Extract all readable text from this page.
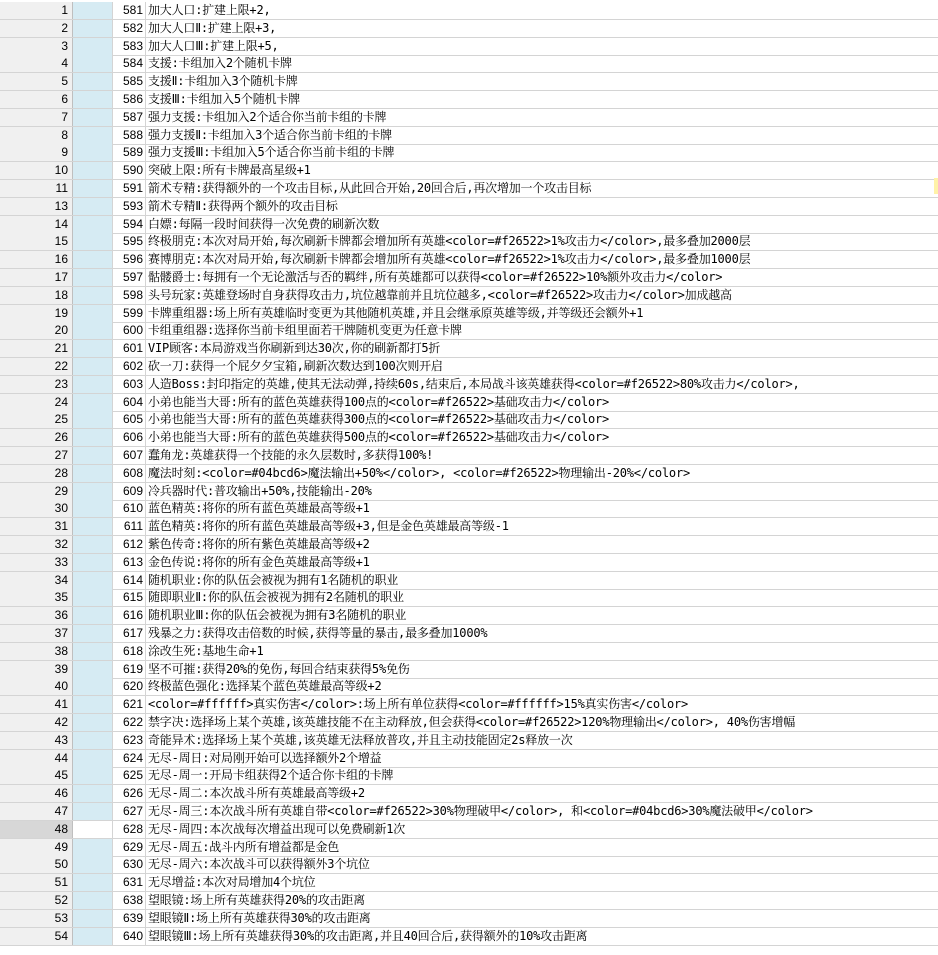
1	581 加大人口:扩建上限+2,
2	582 加大人口Ⅱ:扩建上限+3,
3	583 加大人口Ⅲ:扩建上限+5,
4	584 支援:卡组加入2个随机卡牌
5	585 支援Ⅱ:卡组加入3个随机卡牌
6	586 支援Ⅲ:卡组加入5个随机卡牌
7	587 强力支援:卡组加入2个适合你当前卡组的卡牌
8	588 强力支援Ⅱ:卡组加入3个适合你当前卡组的卡牌
9	589 强力支援Ⅲ:卡组加入5个适合你当前卡组的卡牌
10	590 突破上限:所有卡牌最高星级+1
11	591 箭术专精:获得额外的一个攻击目标,从此回合开始,20回合后,再次增加一个攻击目标
13	593 箭术专精Ⅱ:获得两个额外的攻击目标
14	594 白嫖:每隔一段时间获得一次免费的刷新次数
15	595 终极朋克:本次对局开始,每次刷新卡牌都会增加所有英雄<color=#f26522>1%攻击力</color>,最多叠加2000层
16	596 赛博朋克:本次对局开始,每次刷新卡牌都会增加所有英雄<color=#f26522>1%攻击力</color>,最多叠加1000层
17	597 骷髅爵士:每拥有一个无论激活与否的羁绊,所有英雄都可以获得<color=#f26522>10%额外攻击力</color>
18	598 头号玩家:英雄登场时自身获得攻击力,坑位越靠前并且坑位越多,<color=#f26522>攻击力</color>加成越高
19	599 卡牌重组器:场上所有英雄临时变更为其他随机英雄,并且会继承原英雄等级,并等级还会额外+1
20	600 卡组重组器:选择你当前卡组里面若干牌随机变更为任意卡牌
21	601 VIP顾客:本局游戏当你刷新到达30次,你的刷新都打5折
22	602 砍一刀:获得一个屁夕夕宝箱,刷新次数达到100次则开启
23	603 人造Boss:封印指定的英雄,使其无法动弹,持续60s,结束后,本局战斗该英雄获得<color=#f26522>80%攻击力</color>,
24	604 小弟也能当大哥:所有的蓝色英雄获得100点的<color=#f26522>基础攻击力</color>
25	605 小弟也能当大哥:所有的蓝色英雄获得300点的<color=#f26522>基础攻击力</color>
26	606 小弟也能当大哥:所有的蓝色英雄获得500点的<color=#f26522>基础攻击力</color>
27	607 蠢角龙:英雄获得一个技能的永久层数时,多获得100%!
28	608 魔法时刻:<color=#04bcd6>魔法输出+50%</color>, <color=#f26522>物理输出-20%</color>
29	609 冷兵器时代:普攻输出+50%,技能输出-20%
30	610 蓝色精英:将你的所有蓝色英雄最高等级+1
31	611 蓝色精英:将你的所有蓝色英雄最高等级+3,但是金色英雄最高等级-1
32	612 紫色传奇:将你的所有紫色英雄最高等级+2
33	613 金色传说:将你的所有金色英雄最高等级+1
34	614 随机职业:你的队伍会被视为拥有1名随机的职业
35	615 随即职业Ⅱ:你的队伍会被视为拥有2名随机的职业
36	616 随机职业Ⅲ:你的队伍会被视为拥有3名随机的职业
37	617 残暴之力:获得攻击倍数的时候,获得等量的暴击,最多叠加1000%
38	618 涂改生死:基地生命+1
39	619 坚不可摧:获得20%的免伤,每回合结束获得5%免伤
40	620 终极蓝色强化:选择某个蓝色英雄最高等级+2
41	621 <color=#ffffff>真实伤害</color>:场上所有单位获得<color=#ffffff>15%真实伤害</color>
42	622 禁字决:选择场上某个英雄,该英雄技能不在主动释放,但会获得<color=#f26522>120%物理输出</color>, 40%伤害增幅
43	623 奇能异术:选择场上某个英雄,该英雄无法释放普攻,并且主动技能固定2s释放一次
44	624 无尽-周日:对局刚开始可以选择额外2个增益
45	625 无尽-周一:开局卡组获得2个适合你卡组的卡牌
46	626 无尽-周二:本次战斗所有英雄最高等级+2
47	627 无尽-周三:本次战斗所有英雄自带<color=#f26522>30%物理破甲</color>, 和<color=#04bcd6>30%魔法破甲</color>
48	628 无尽-周四:本次战每次增益出现可以免费刷新1次
49	629 无尽-周五:战斗内所有增益都是金色
50	630 无尽-周六:本次战斗可以获得额外3个坑位
51	631 无尽增益:本次对局增加4个坑位
52	638 望眼镜:场上所有英雄获得20%的攻击距离
53	639 望眼镜Ⅱ:场上所有英雄获得30%的攻击距离
54	640 望眼镜Ⅲ:场上所有英雄获得30%的攻击距离,并且40回合后,获得额外的10%攻击距离
